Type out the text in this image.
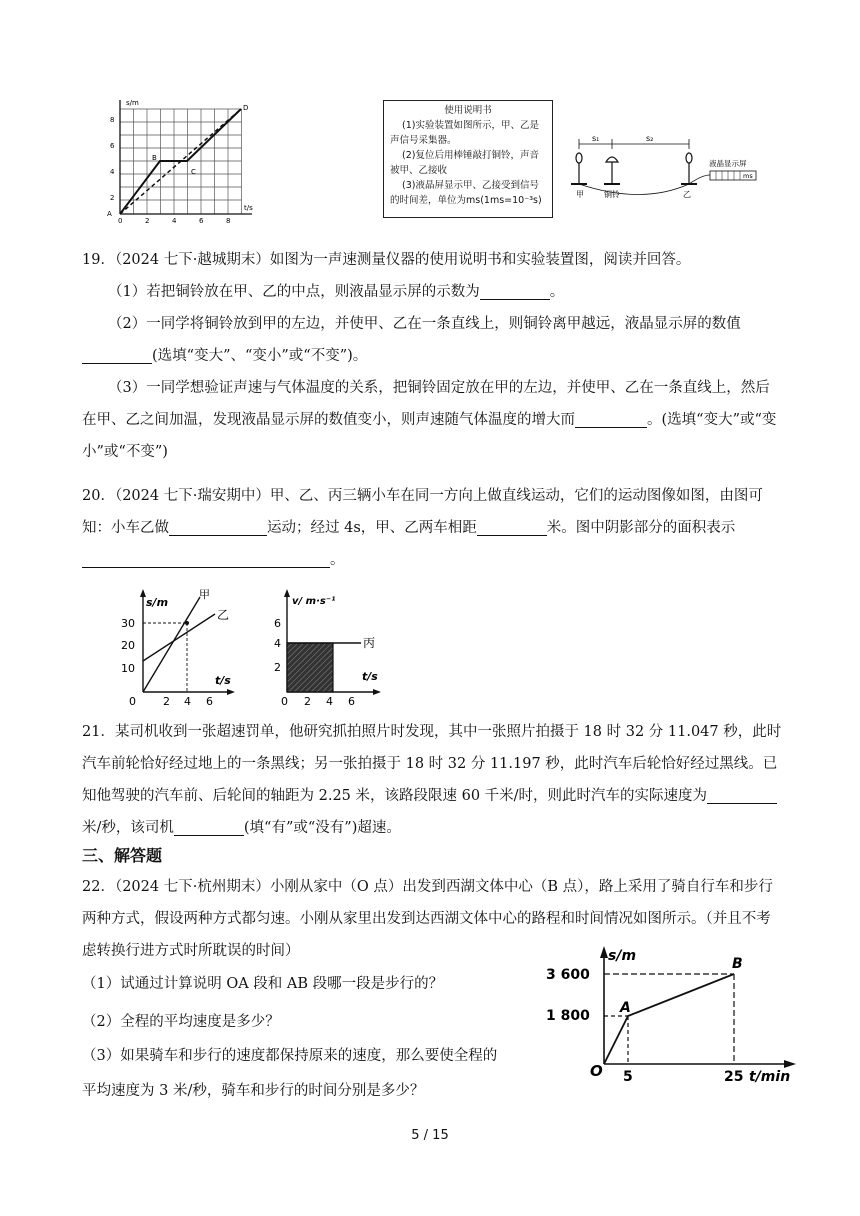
s/m
t/s
8
6
4
2
0	2	4	6	8
A
B
C
D	使用说明书
(1)实验装置如图所示，甲、乙是声信号采集器。
(2)复位后用棒锤敲打铜铃，声音被甲、乙接收
(3)液晶屏显示甲、乙接受到信号的时间差，单位为ms(1ms=10⁻³s)
s₁	s₂
ms
液晶显示屏
甲	铜铃	乙
19．（2024 七下·越城期末）如图为一声速测量仪器的使用说明书和实验装置图，阅读并回答。
（1）若把铜铃放在甲、乙的中点，则液晶显示屏的示数为	。
（2）一同学将铜铃放到甲的左边，并使甲、乙在一条直线上，则铜铃离甲越远，液晶显示屏的数值(选填“变大”、“变小”或“不变”)。
（3）一同学想验证声速与气体温度的关系，把铜铃固定放在甲的左边，并使甲、乙在一条直线上，然后在甲、乙之间加温，发现液晶显示屏的数值变小，则声速随气体温度的增大而	。(选填“变大”或“变小”或“不变”)
20．（2024 七下·瑞安期中）甲、乙、丙三辆小车在同一方向上做直线运动，它们的运动图像如图，由图可知：小车乙做	运动；经过 4s，甲、乙两车相距	米。图中阴影部分的面积表示。
s/m
t/s
30
20
10
0 2 4 6
甲
乙
v/ m·s⁻¹
t/s
6
4
2
0 2 4 6
丙
21．某司机收到一张超速罚单，他研究抓拍照片时发现，其中一张照片拍摄于 18 时 32 分 11.047 秒，此时汽车前轮恰好经过地上的一条黑线；另一张拍摄于 18 时 32 分 11.197 秒，此时汽车后轮恰好经过黑线。已知他驾驶的汽车前、后轮间的轴距为 2.25 米，该路段限速 60 千米/时，则此时汽车的实际速度为米/秒，该司机	(填“有”或“没有”)超速。
三、解答题
22．（2024 七下·杭州期末）小刚从家中（O 点）出发到西湖文体中心（B 点），路上采用了骑自行车和步行两种方式，假设两种方式都匀速。小刚从家里出发到达西湖文体中心的路程和时间情况如图所示。（并且不考虑转换行进方式时所耽误的时间）
（1）试通过计算说明 OA 段和 AB 段哪一段是步行的？
（2）全程的平均速度是多少？
（3）如果骑车和步行的速度都保持原来的速度，那么要使全程的
平均速度为 3 米/秒，骑车和步行的时间分别是多少？
s/m
t/min
3 600
1 800
5	25
O
A
B
5 / 15
